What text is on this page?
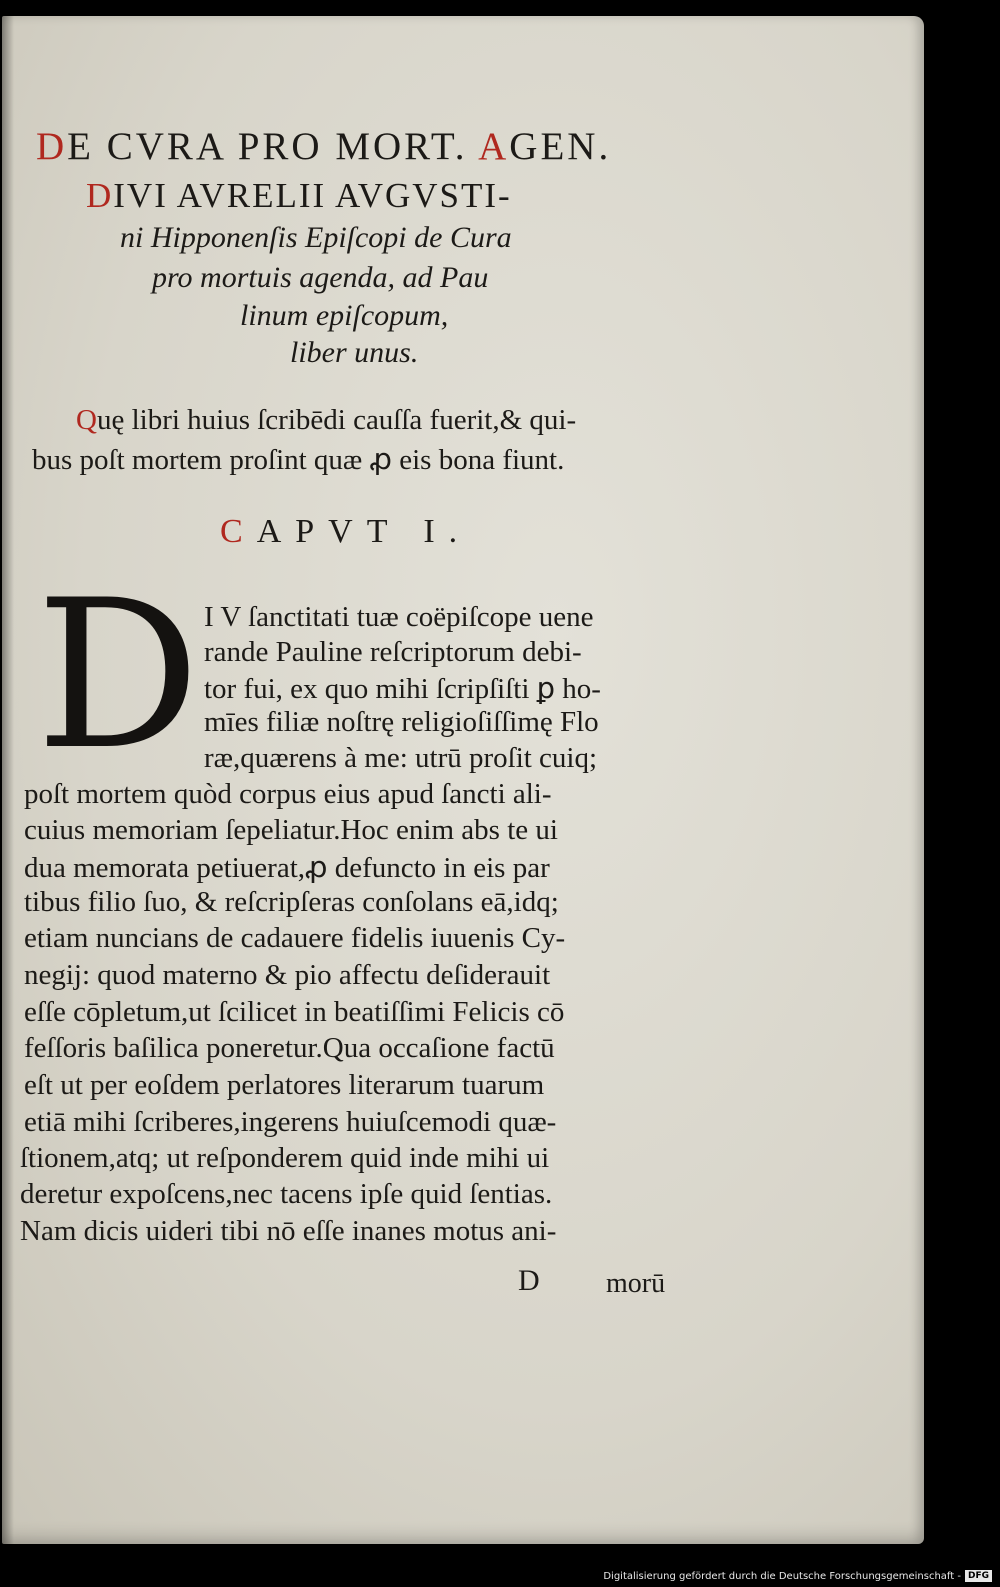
DE CVRA PRO MORT. AGEN.
DIVI AVRELII AVGVSTI-
ni Hipponenſis Epiſcopi de Cura
pro mortuis agenda, ad Pau
linum epiſcopum,
liber unus.
Quę libri huius ſcribēdi cauſſa fuerit,& qui-
bus poſt mortem proſint quæ ꝓ eis bona fiunt.
CAPVT I.
D I V ſanctitati tuæ coëpiſcope uene
rande Pauline reſcriptorum debi-
tor fui, ex quo mihi ſcripſiſti ꝑ ho-
mīes filiæ noſtrę religioſiſſimę Flo
ræ,quærens à me: utrū proſit cuiq;
poſt mortem quòd corpus eius apud ſancti ali-
cuius memoriam ſepeliatur.Hoc enim abs te ui
dua memorata petiuerat,ꝓ defuncto in eis par
tibus filio ſuo, & reſcripſeras conſolans eā,idq;
etiam nuncians de cadauere fidelis iuuenis Cy-
negij: quod materno & pio affectu deſiderauit
eſſe cōpletum,ut ſcilicet in beatiſſimi Felicis cō
feſſoris baſilica poneretur.Qua occaſione factū
eſt ut per eoſdem perlatores literarum tuarum
etiā mihi ſcriberes,ingerens huiuſcemodi quæ-
ſtionem,atq; ut reſponderem quid inde mihi ui
deretur expoſcens,nec tacens ipſe quid ſentias.
Nam dicis uideri tibi nō eſſe inanes motus ani-
D morū
Digitalisierung gefördert durch die Deutsche Forschungsgemeinschaft - DFG
